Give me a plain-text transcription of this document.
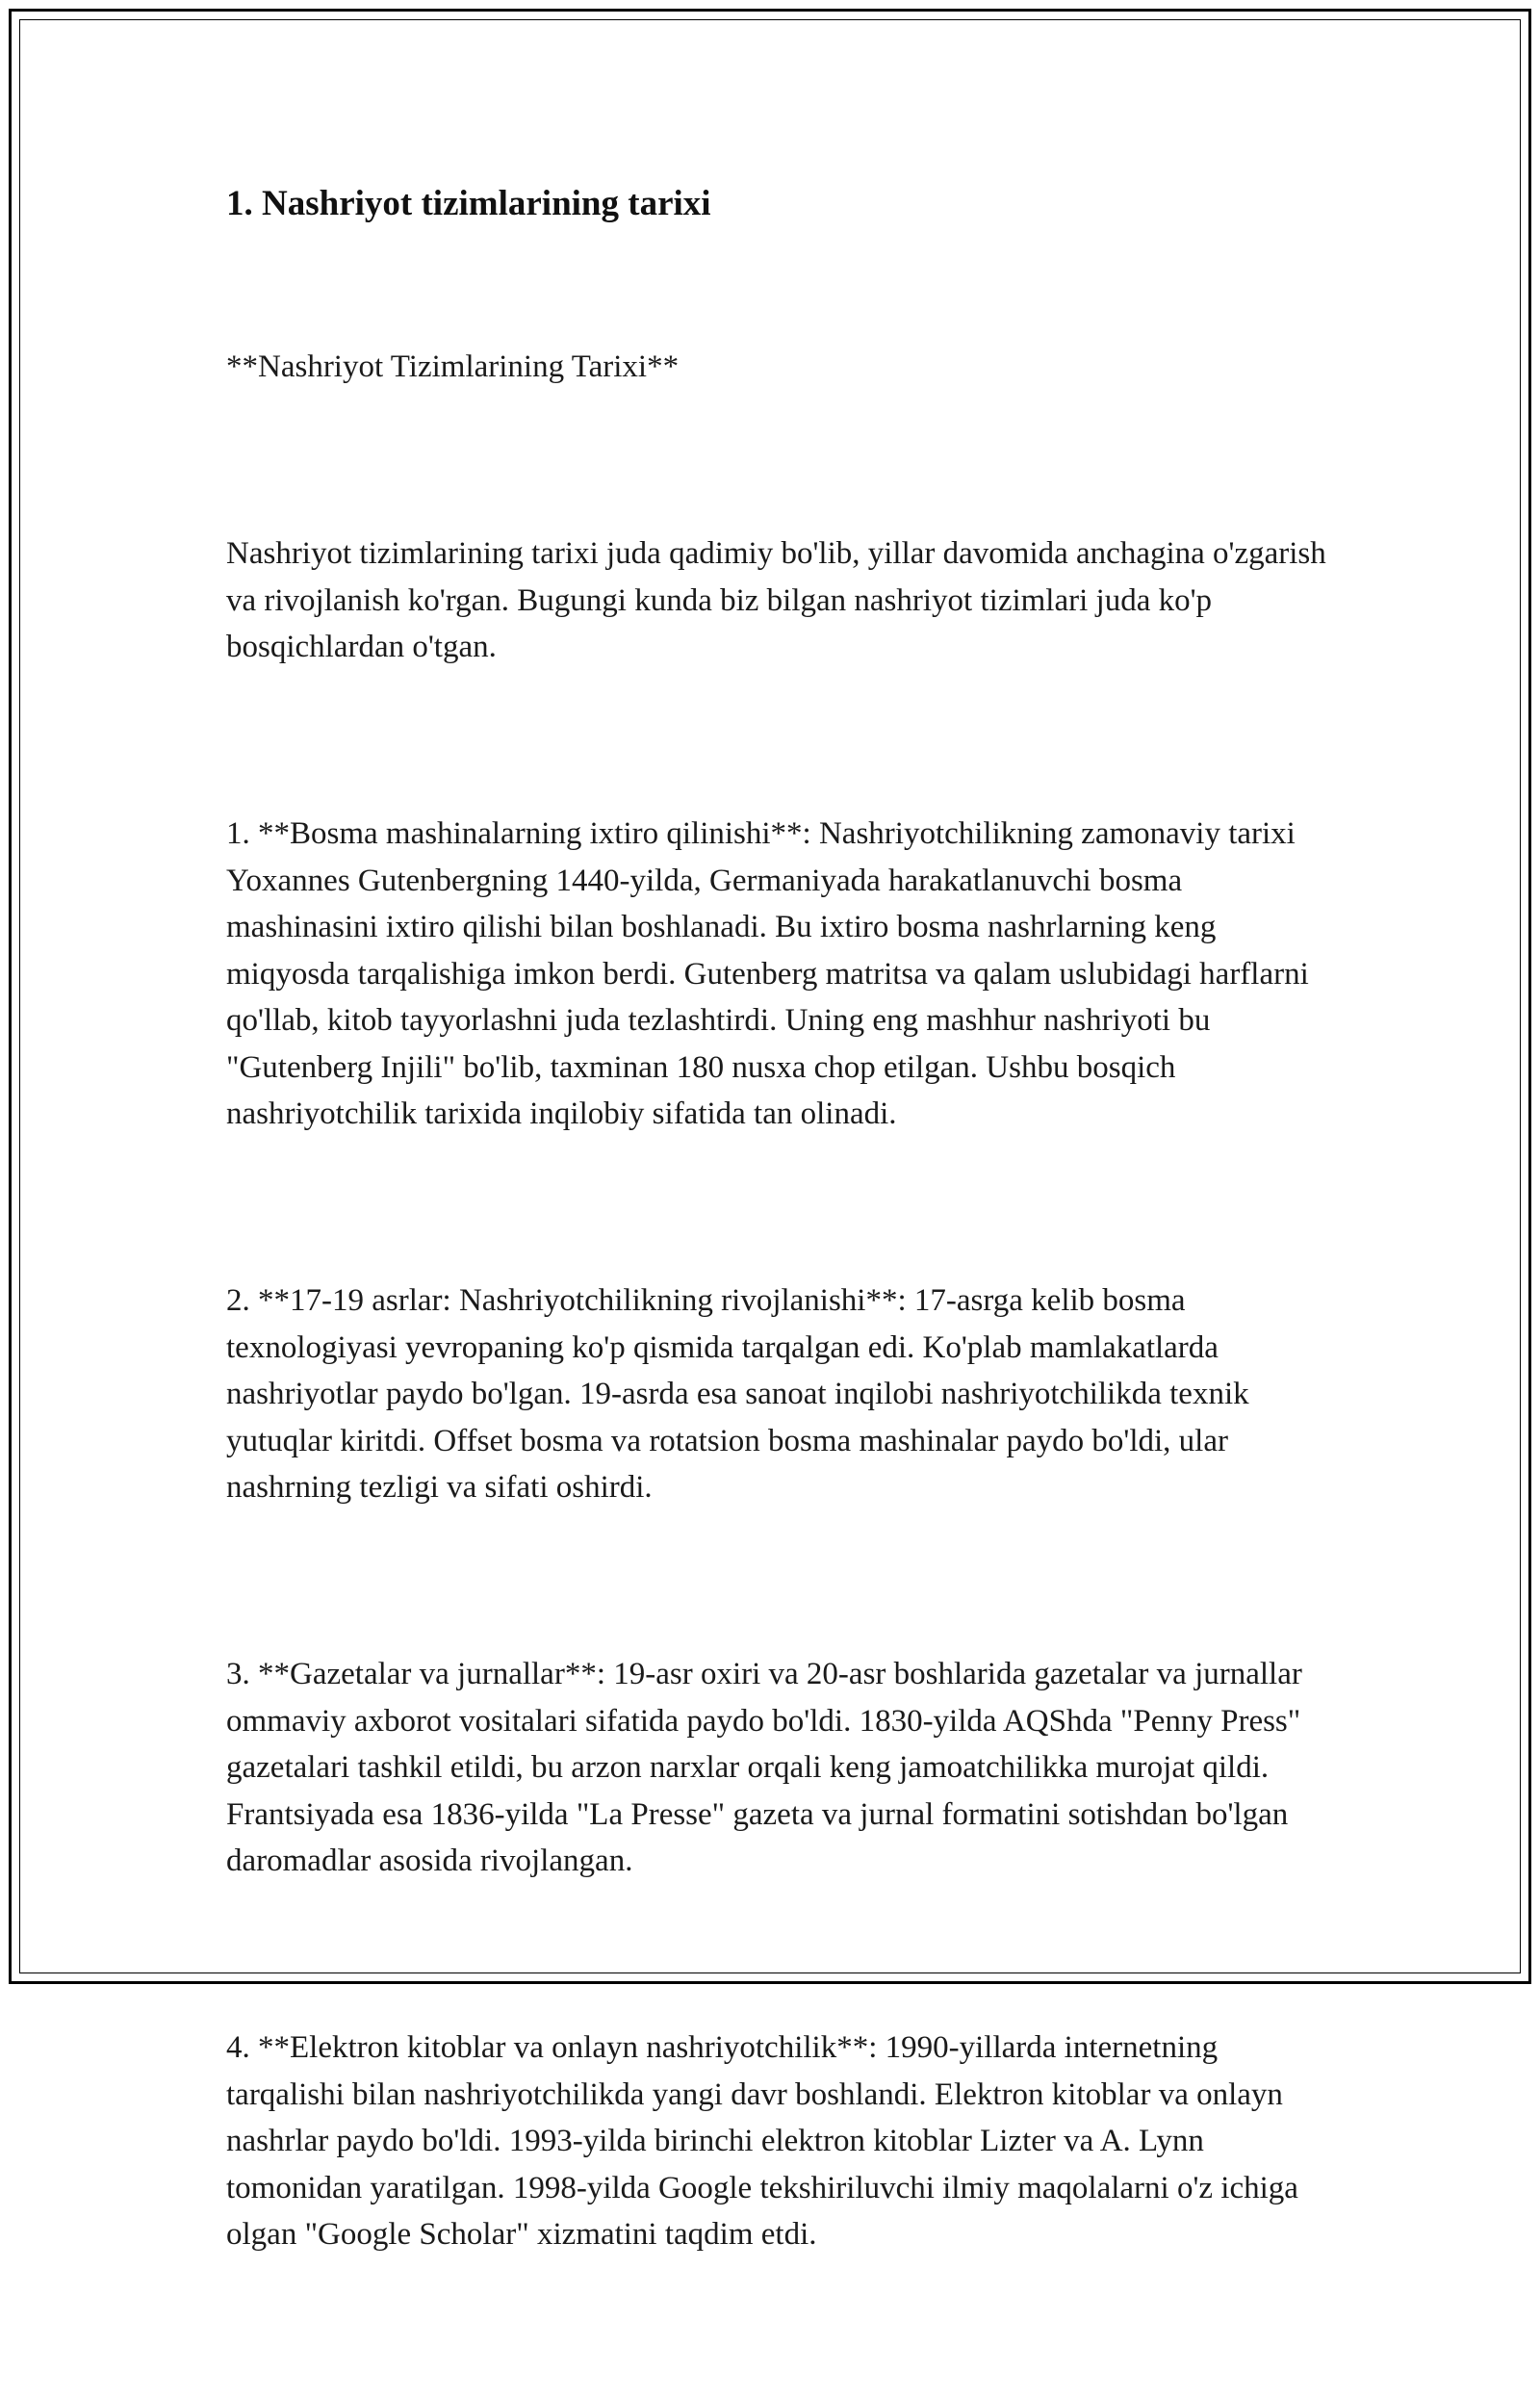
1. Nashriyot tizimlarining tarixi

**Nashriyot Tizimlarining Tarixi**

Nashriyot tizimlarining tarixi juda qadimiy bo'lib, yillar davomida anchagina o'zgarish va rivojlanish ko'rgan. Bugungi kunda biz bilgan nashriyot tizimlari juda ko'p bosqichlardan o'tgan.

1. **Bosma mashinalarning ixtiro qilinishi**: Nashriyotchilikning zamonaviy tarixi Yoxannes Gutenbergning 1440-yilda, Germaniyada harakatlanuvchi bosma mashinasini ixtiro qilishi bilan boshlanadi. Bu ixtiro bosma nashrlarning keng miqyosda tarqalishiga imkon berdi. Gutenberg matritsa va qalam uslubidagi harflarni qo'llab, kitob tayyorlashni juda tezlashtirdi. Uning eng mashhur nashriyoti bu "Gutenberg Injili" bo'lib, taxminan 180 nusxa chop etilgan. Ushbu bosqich nashriyotchilik tarixida inqilobiy sifatida tan olinadi.

2. **17-19 asrlar: Nashriyotchilikning rivojlanishi**: 17-asrga kelib bosma texnologiyasi yevropaning ko'p qismida tarqalgan edi. Ko'plab mamlakatlarda nashriyotlar paydo bo'lgan. 19-asrda esa sanoat inqilobi nashriyotchilikda texnik yutuqlar kiritdi. Offset bosma va rotatsion bosma mashinalar paydo bo'ldi, ular nashrning tezligi va sifati oshirdi.

3. **Gazetalar va jurnallar**: 19-asr oxiri va 20-asr boshlarida gazetalar va jurnallar ommaviy axborot vositalari sifatida paydo bo'ldi. 1830-yilda AQShda "Penny Press" gazetalari tashkil etildi, bu arzon narxlar orqali keng jamoatchilikka murojat qildi. Frantsiyada esa 1836-yilda "La Presse" gazeta va jurnal formatini sotishdan bo'lgan daromadlar asosida rivojlangan.

4. **Elektron kitoblar va onlayn nashriyotchilik**: 1990-yillarda internetning tarqalishi bilan nashriyotchilikda yangi davr boshlandi. Elektron kitoblar va onlayn nashrlar paydo bo'ldi. 1993-yilda birinchi elektron kitoblar Lizter va A. Lynn tomonidan yaratilgan. 1998-yilda Google tekshiriluvchi ilmiy maqolalarni o'z ichiga olgan "Google Scholar" xizmatini taqdim etdi.
